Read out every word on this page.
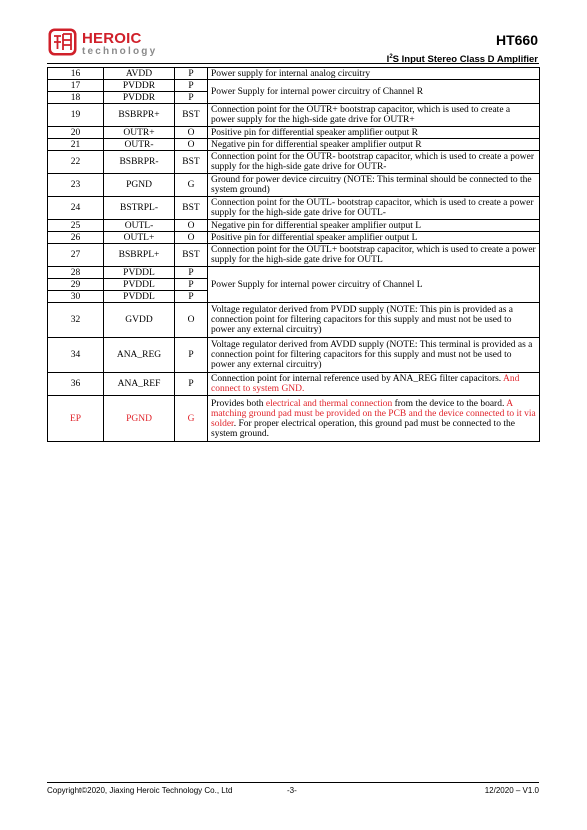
HEROIC
technology
HT660
$I^2S$ Input Stereo Class D Amplifier
16	AVDD	P	Power supply for internal analog circuitry
17	PVDDR	P	Power Supply for internal power circuitry of Channel R
18	PVDDR	P	
19	BSBRPR+	BST	Connection point for the OUTR+ bootstrap capacitor, which is used to create a power supply for the high-side gate drive for OUTR+
20	OUTR+	O	Positive pin for differential speaker amplifier output R
21	OUTR-	O	Negative pin for differential speaker amplifier output R
22	BSBRPR-	BST	Connection point for the OUTR- bootstrap capacitor, which is used to create a power supply for the high-side gate drive for OUTR-
23	PGND	G	Ground for power device circuitry (NOTE: This terminal should be connected to the system ground)
24	BSTRPL-	BST	Connection point for the OUTL- bootstrap capacitor, which is used to create a power supply for the high-side gate drive for OUTL-
25	OUTL-	O	Negative pin for differential speaker amplifier output L
26	OUTL+	O	Positive pin for differential speaker amplifier output L
27	BSBRPL+	BST	Connection point for the OUTL+ bootstrap capacitor, which is used to create a power supply for the high-side gate drive for OUTL
28	PVDDL	P	Power Supply for internal power circuitry of Channel L
29	PVDDL	P	
30	PVDDL	P	
32	GVDD	O	Voltage regulator derived from PVDD supply (NOTE: This pin is provided as a connection point for filtering capacitors for this supply and must not be used to power any external circuitry)
34	ANA_REG	P	Voltage regulator derived from AVDD supply (NOTE: This terminal is provided as a connection point for filtering capacitors for this supply and must not be used to power any external circuitry)
36	ANA_REF	P	Connection point for internal reference used by ANA_REG filter capacitors. And connect to system GND.
EP	PGND	G	Provides both electrical and thermal connection from the device to the board. A matching ground pad must be provided on the PCB and the device connected to it via solder. For proper electrical operation, this ground pad must be connected to the system ground.
Copyright©2020, Jiaxing Heroic Technology Co., Ltd	-3-	12/2020 – V1.0
